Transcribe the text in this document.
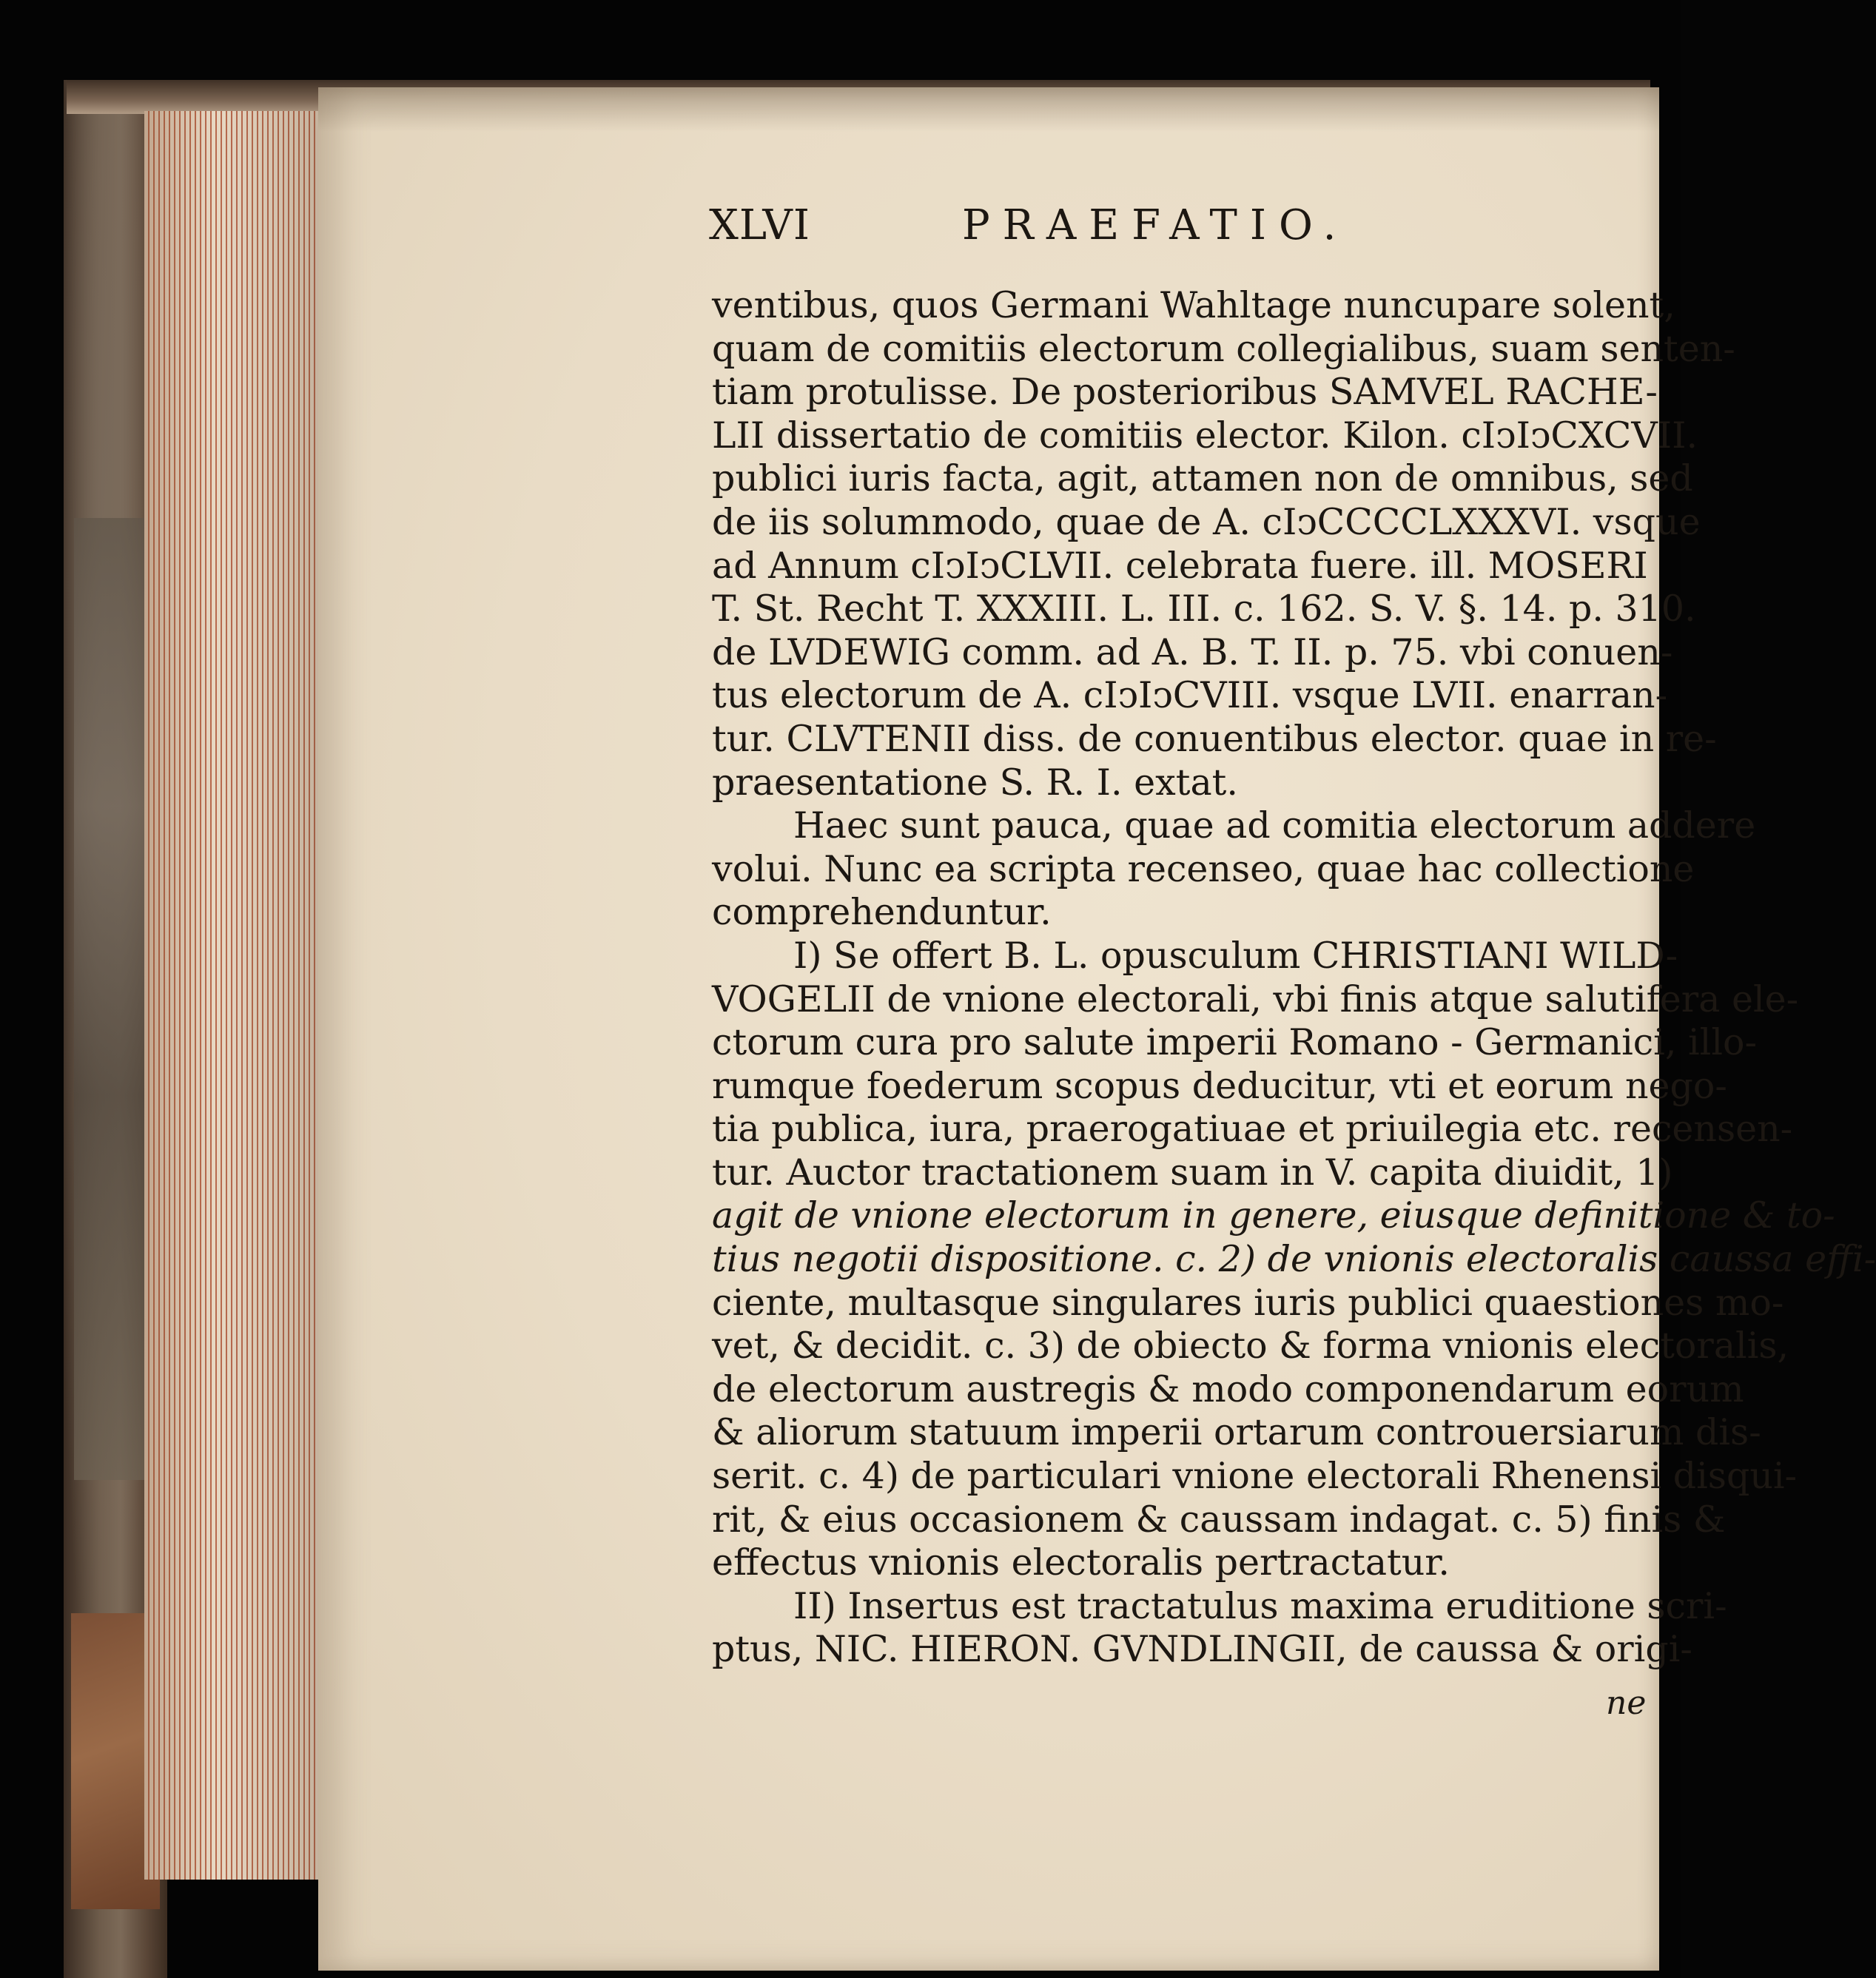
XLVI	PRAEFATIO.
ventibus, quos Germani Wahltage nuncupare solent,
quam de comitiis electorum collegialibus, suam senten-
tiam protulisse. De posterioribus SAMVEL RACHE-
LII dissertatio de comitiis elector. Kilon. cIↄIↄCXCVII.
publici iuris facta, agit, attamen non de omnibus, sed
de iis solummodo, quae de A. cIↄCCCCLXXXVI. vsque
ad Annum cIↄIↄCLVII. celebrata fuere. ill. MOSERI
T. St. Recht T. XXXIII. L. III. c. 162. S. V. §. 14. p. 310.
de LVDEWIG comm. ad A. B. T. II. p. 75. vbi conuen-
tus electorum de A. cIↄIↄCVIII. vsque LVII. enarran-
tur. CLVTENII diss. de conuentibus elector. quae in re-
praesentatione S. R. I. extat.
Haec sunt pauca, quae ad comitia electorum addere
volui. Nunc ea scripta recenseo, quae hac collectione
comprehenduntur.
I) Se offert B. L. opusculum CHRISTIANI WILD-
VOGELII de vnione electorali, vbi finis atque salutifera ele-
ctorum cura pro salute imperii Romano - Germanici, illo-
rumque foederum scopus deducitur, vti et eorum nego-
tia publica, iura, praerogatiuae et priuilegia etc. recensen-
tur. Auctor tractationem suam in V. capita diuidit, 1)
agit de vnione electorum in genere, eiusque definitione & to-
tius negotii dispositione. c. 2) de vnionis electoralis caussa effi-
ciente, multasque singulares iuris publici quaestiones mo-
vet, & decidit. c. 3) de obiecto & forma vnionis electoralis,
de electorum austregis & modo componendarum eorum
& aliorum statuum imperii ortarum controuersiarum dis-
serit. c. 4) de particulari vnione electorali Rhenensi disqui-
rit, & eius occasionem & caussam indagat. c. 5) finis &
effectus vnionis electoralis pertractatur.
II) Insertus est tractatulus maxima eruditione scri-
ptus, NIC. HIERON. GVNDLINGII, de caussa & origi-
ne
